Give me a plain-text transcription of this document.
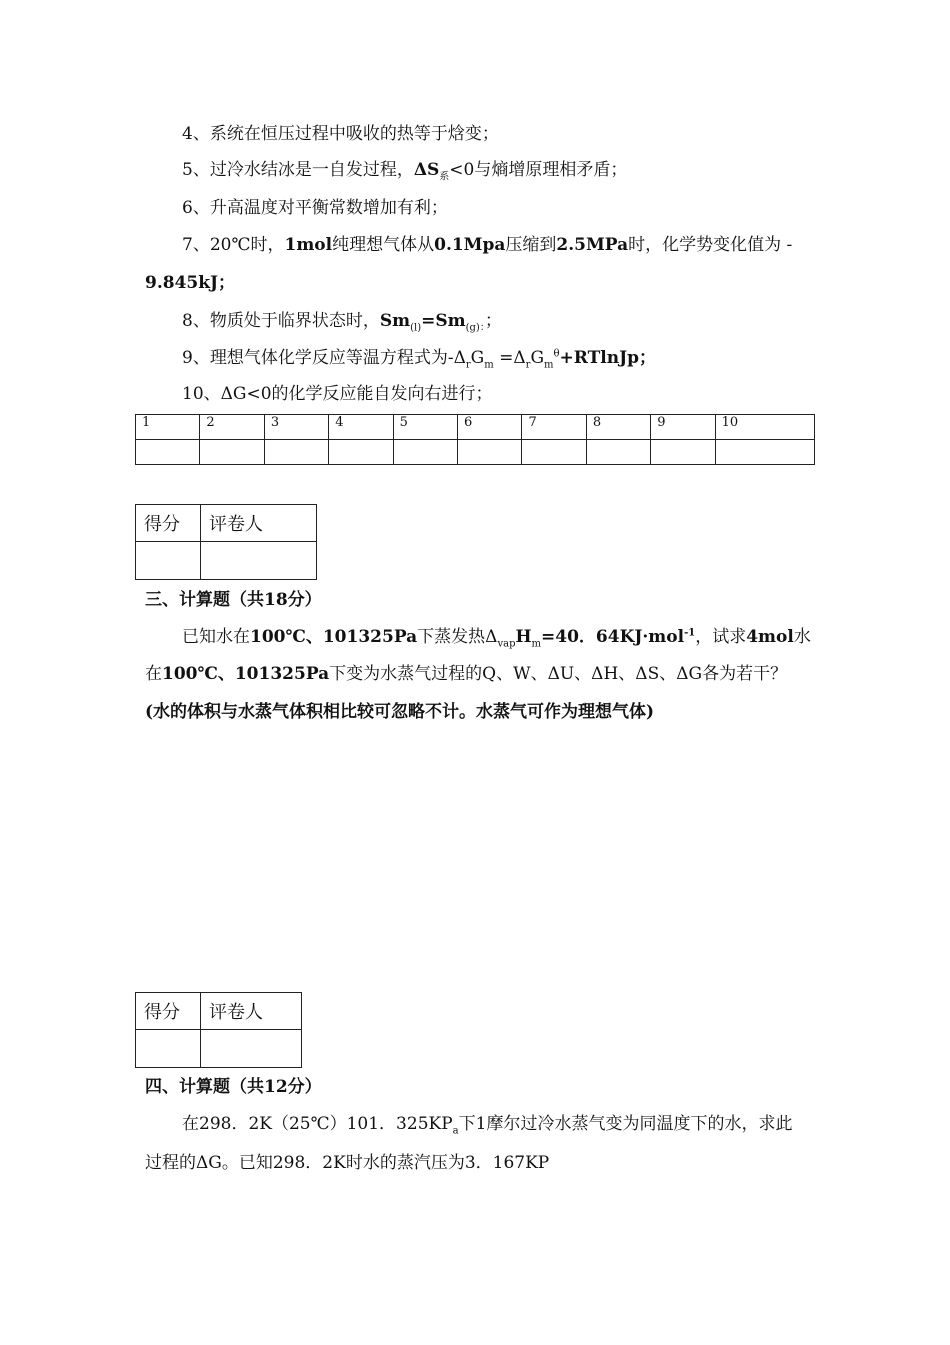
4、系统在恒压过程中吸收的热等于焓变；
5、过冷水结冰是一自发过程，$\Delta S_系<0$与熵增原理相矛盾；
6、升高温度对平衡常数增加有利；
7、20℃时，1mol纯理想气体从0.1Mpa压缩到2.5MPa时，化学势变化值为 -
9.845kJ；
8、物质处于临界状态时，$Sm_{(l)}=Sm_{(g):}$；
9、理想气体化学反应等温方程式为$-\Delta_rG_m$ $=\Delta_rG_m^\theta+RTlnJp$；
10、ΔG<0的化学反应能自发向右进行；
1	2	3	4	5	6	7	8	9	10

得分	评卷人

三、计算题（共18分）
已知水在100℃、101325Pa下蒸发热$\Delta_{vap}H_m=40$．64KJ·mol$^{-1}$，试求4mol水
在100℃、101325Pa下变为水蒸气过程的Q、W、ΔU、ΔH、ΔS、ΔG各为若干？
(水的体积与水蒸气体积相比较可忽略不计。水蒸气可作为理想气体)
得分	评卷人

四、计算题（共12分）
在298．2K（25℃）101．$325KP_a$下1摩尔过冷水蒸气变为同温度下的水，求此
过程的ΔG。已知298．2K时水的蒸汽压为3．167KP
